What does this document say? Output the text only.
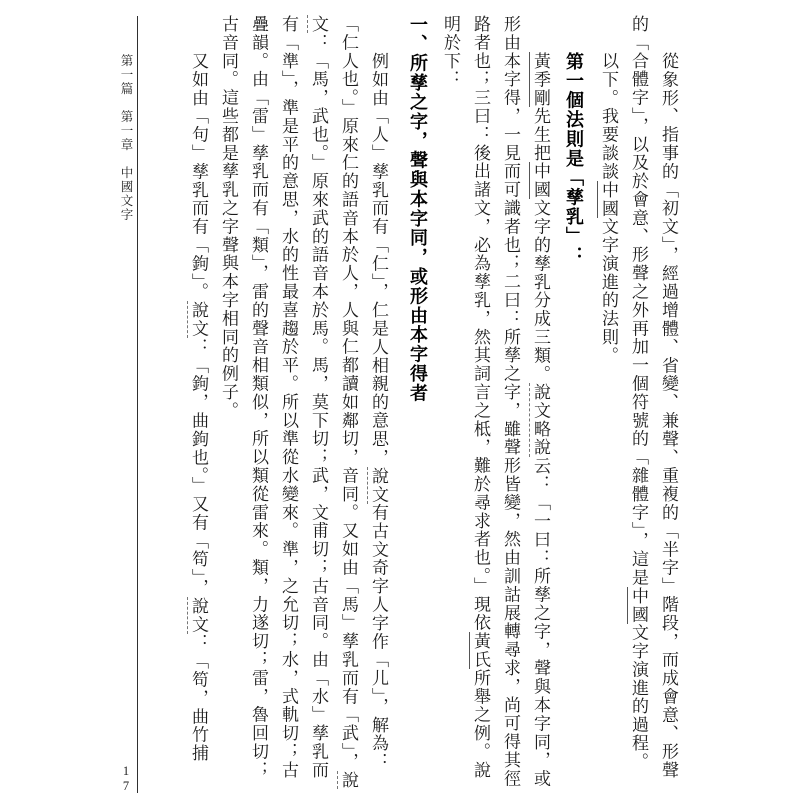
第一篇　第一章　中國文字
17	從象形、指事的「初文」，經過增體、省變、兼聲、重複的「半字」階段，而成會意、形聲的「合體字」，以及於會意、形聲之外再加一個符號的「雜體字」，這是中國文字演進的過程。

以下。我要談談中國文字演進的法則。

第一個法則是「孳乳」：

黃季剛先生把中國文字的孳乳分成三類。說文略說云：「一曰：所孳之字，聲與本字同，或形由本字得，一見而可識者也；二曰：所孳之字，雖聲形皆變，然由訓詁展轉尋求，尚可得其徑路者也；三曰：後出諸文，必為孳乳，然其詞言之柢，難於尋求者也。」現依黃氏所舉之例。說明於下：

一、所孳之字，聲與本字同，或形由本字得者

例如由「人」孳乳而有「仁」，仁是人相親的意思，說文有古文奇字人字作「儿」，解為：「仁人也。」原來仁的語音本於人，人與仁都讀如鄰切，音同。又如由「馬」孳乳而有「武」，說文：「馬，武也。」原來武的語音本於馬。馬，莫下切；武，文甫切；古音同。由「水」孳乳而有「準」，準是平的意思，水的性最喜趨於平。所以準從水變來。準，之允切；水，式軌切；古疊韻。由「雷」孳乳而有「類」，雷的聲音相類似，所以類從雷來。類，力遂切；雷，魯回切；古音同。這些都是孳乳之字聲與本字相同的例子。

又如由「句」孳乳而有「鉤」。說文：「鉤，曲鉤也。」又有「笱」，說文：「笱，曲竹捕
